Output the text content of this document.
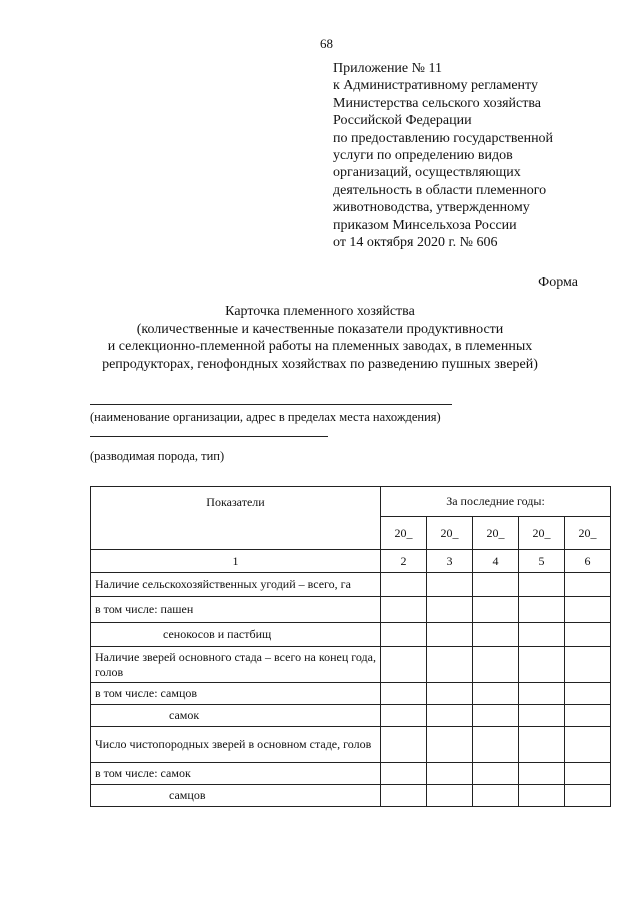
68
Приложение № 11
к Административному регламенту
Министерства сельского хозяйства
Российской Федерации
по предоставлению государственной
услуги по определению видов
организаций, осуществляющих
деятельность в области племенного
животноводства, утвержденному
приказом Минсельхоза России
от 14 октября 2020 г. № 606
Форма
Карточка племенного хозяйства
(количественные и качественные показатели продуктивности
и селекционно-племенной работы на племенных заводах, в племенных
репродукторах, генофондных хозяйствах по разведению пушных зверей)
(наименование организации, адрес в пределах места нахождения)
(разводимая порода, тип)
Показатели	За последние годы:				
	20_	20_	20_	20_	20_
1	2	3	4	5	6
Наличие сельскохозяйственных угодий – всего, га					
в том числе: пашен					
сенокосов и пастбищ					
Наличие зверей основного стада – всего на конец года, голов					
в том числе: самцов					
самок					
Число чистопородных зверей в основном стаде, голов					
в том числе: самок					
самцов					
